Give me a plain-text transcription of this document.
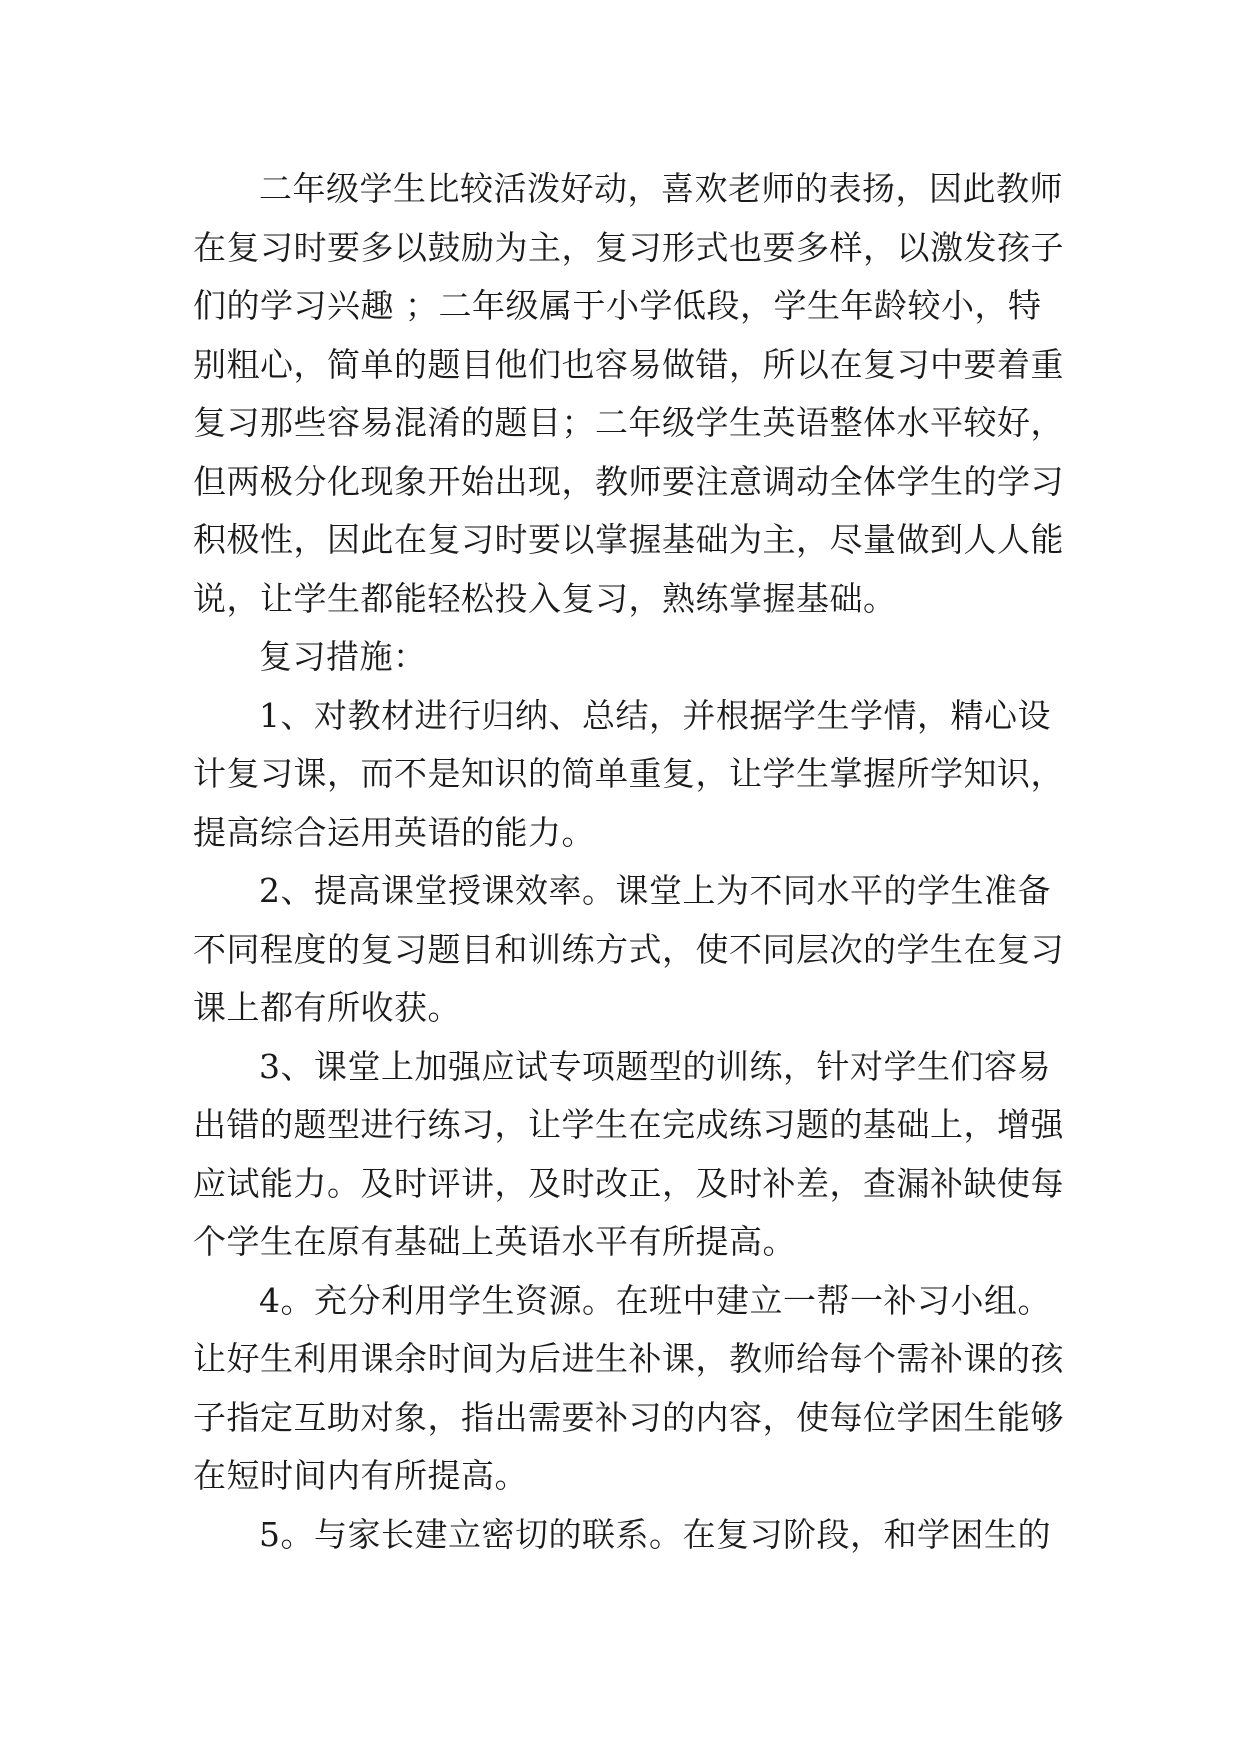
二年级学生比较活泼好动，喜欢老师的表扬，因此教师
在复习时要多以鼓励为主，复习形式也要多样，以激发孩子
们的学习兴趣 ；二年级属于小学低段，学生年龄较小，特
别粗心，简单的题目他们也容易做错，所以在复习中要着重
复习那些容易混淆的题目；二年级学生英语整体水平较好，
但两极分化现象开始出现，教师要注意调动全体学生的学习
积极性，因此在复习时要以掌握基础为主，尽量做到人人能
说，让学生都能轻松投入复习，熟练掌握基础。
复习措施：
1、对教材进行归纳、总结，并根据学生学情，精心设
计复习课，而不是知识的简单重复，让学生掌握所学知识，
提高综合运用英语的能力。
2、提高课堂授课效率。课堂上为不同水平的学生准备
不同程度的复习题目和训练方式，使不同层次的学生在复习
课上都有所收获。
3、课堂上加强应试专项题型的训练，针对学生们容易
出错的题型进行练习，让学生在完成练习题的基础上，增强
应试能力。及时评讲，及时改正，及时补差，查漏补缺使每
个学生在原有基础上英语水平有所提高。
4。充分利用学生资源。在班中建立一帮一补习小组。
让好生利用课余时间为后进生补课，教师给每个需补课的孩
子指定互助对象，指出需要补习的内容，使每位学困生能够
在短时间内有所提高。
5。与家长建立密切的联系。在复习阶段，和学困生的
